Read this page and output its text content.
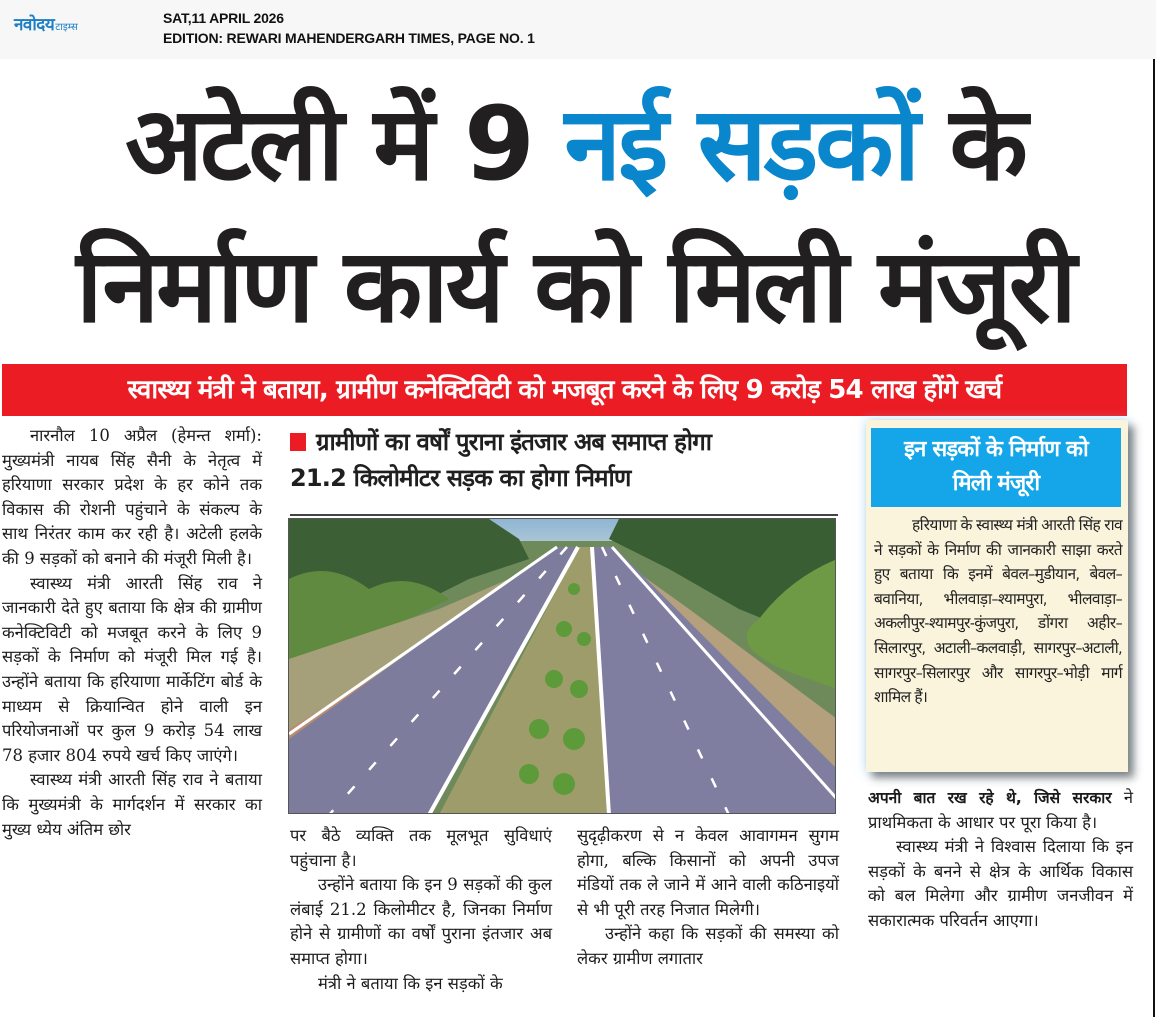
नवोदय टाइम्स
SAT,11 APRIL 2026
EDITION: REWARI MAHENDERGARH TIMES, PAGE NO. 1
अटेली में 9 नई सड़कों के
निर्माण कार्य को मिली मंजूरी
स्वास्थ्य मंत्री ने बताया, ग्रामीण कनेक्टिविटी को मजबूत करने के लिए 9 करोड़ 54 लाख होंगे खर्च

नारनौल 10 अप्रैल (हेमन्त शर्मा): मुख्यमंत्री नायब सिंह सैनी के नेतृत्व में हरियाणा सरकार प्रदेश के हर कोने तक विकास की रोशनी पहुंचाने के संकल्प के साथ निरंतर काम कर रही है। अटेली हलके की 9 सड़कों को बनाने की मंजूरी मिली है।

स्वास्थ्य मंत्री आरती सिंह राव ने जानकारी देते हुए बताया कि क्षेत्र की ग्रामीण कनेक्टिविटी को मजबूत करने के लिए 9 सड़कों के निर्माण को मंजूरी मिल गई है। उन्होंने बताया कि हरियाणा मार्केटिंग बोर्ड के माध्यम से क्रियान्वित होने वाली इन परियोजनाओं पर कुल 9 करोड़ 54 लाख 78 हजार 804 रुपये खर्च किए जाएंगे।

स्वास्थ्य मंत्री आरती सिंह राव ने बताया कि मुख्यमंत्री के मार्गदर्शन में सरकार का मुख्य ध्येय अंतिम छोर

ग्रामीणों का वर्षों पुराना इंतजार अब समाप्त होगा
21.2 किलोमीटर सड़क का होगा निर्माण

पर बैठे व्यक्ति तक मूलभूत सुविधाएं पहुंचाना है।

उन्होंने बताया कि इन 9 सड़कों की कुल लंबाई 21.2 किलोमीटर है, जिनका निर्माण होने से ग्रामीणों का वर्षों पुराना इंतजार अब समाप्त होगा।

मंत्री ने बताया कि इन सड़कों के

सुदृढ़ीकरण से न केवल आवागमन सुगम होगा, बल्कि किसानों को अपनी उपज मंडियों तक ले जाने में आने वाली कठिनाइयों से भी पूरी तरह निजात मिलेगी।

उन्होंने कहा कि सड़कों की समस्या को लेकर ग्रामीण लगातार

इन सड़कों के निर्माण को
मिली मंजूरी

हरियाणा के स्वास्थ्य मंत्री आरती सिंह राव ने सड़कों के निर्माण की जानकारी साझा करते हुए बताया कि इनमें बेवल–मुडीयान, बेवल–बवानिया, भीलवाड़ा–श्यामपुरा, भीलवाड़ा–अकलीपुर-श्यामपुर-कुंजपुरा, डोंगरा अहीर–सिलारपुर, अटाली–कलवाड़ी, सागरपुर–अटाली, सागरपुर–सिलारपुर और सागरपुर–भोड़ी मार्ग शामिल हैं।

अपनी बात रख रहे थे, जिसे सरकार ने प्राथमिकता के आधार पर पूरा किया है।

स्वास्थ्य मंत्री ने विश्वास दिलाया कि इन सड़कों के बनने से क्षेत्र के आर्थिक विकास को बल मिलेगा और ग्रामीण जनजीवन में सकारात्मक परिवर्तन आएगा।
